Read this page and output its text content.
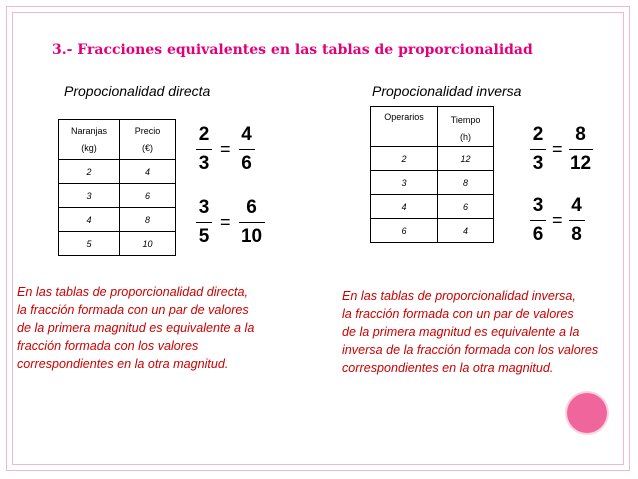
3.- Fracciones equivalentes en las tablas de proporcionalidad
Propocionalidad directa
Naranjas (kg)	Precio (€)
2	4
3	6
4	8
5	10
2
3
=
4
6
3
5
=
6
10
En las tablas de proporcionalidad directa,
la fracción formada con un par de valores
de la primera magnitud es equivalente a la
fracción formada con los valores
correspondientes en la otra magnitud.
Propocionalidad inversa
Operarios	Tiempo (h)
2	12
3	8
4	6
6	4
2
3
=
8
12
3
6
=
4
8
En las tablas de proporcionalidad inversa,
la fracción formada con un par de valores
de la primera magnitud es equivalente a la
inversa de la fracción formada con los valores
correspondientes en la otra magnitud.
